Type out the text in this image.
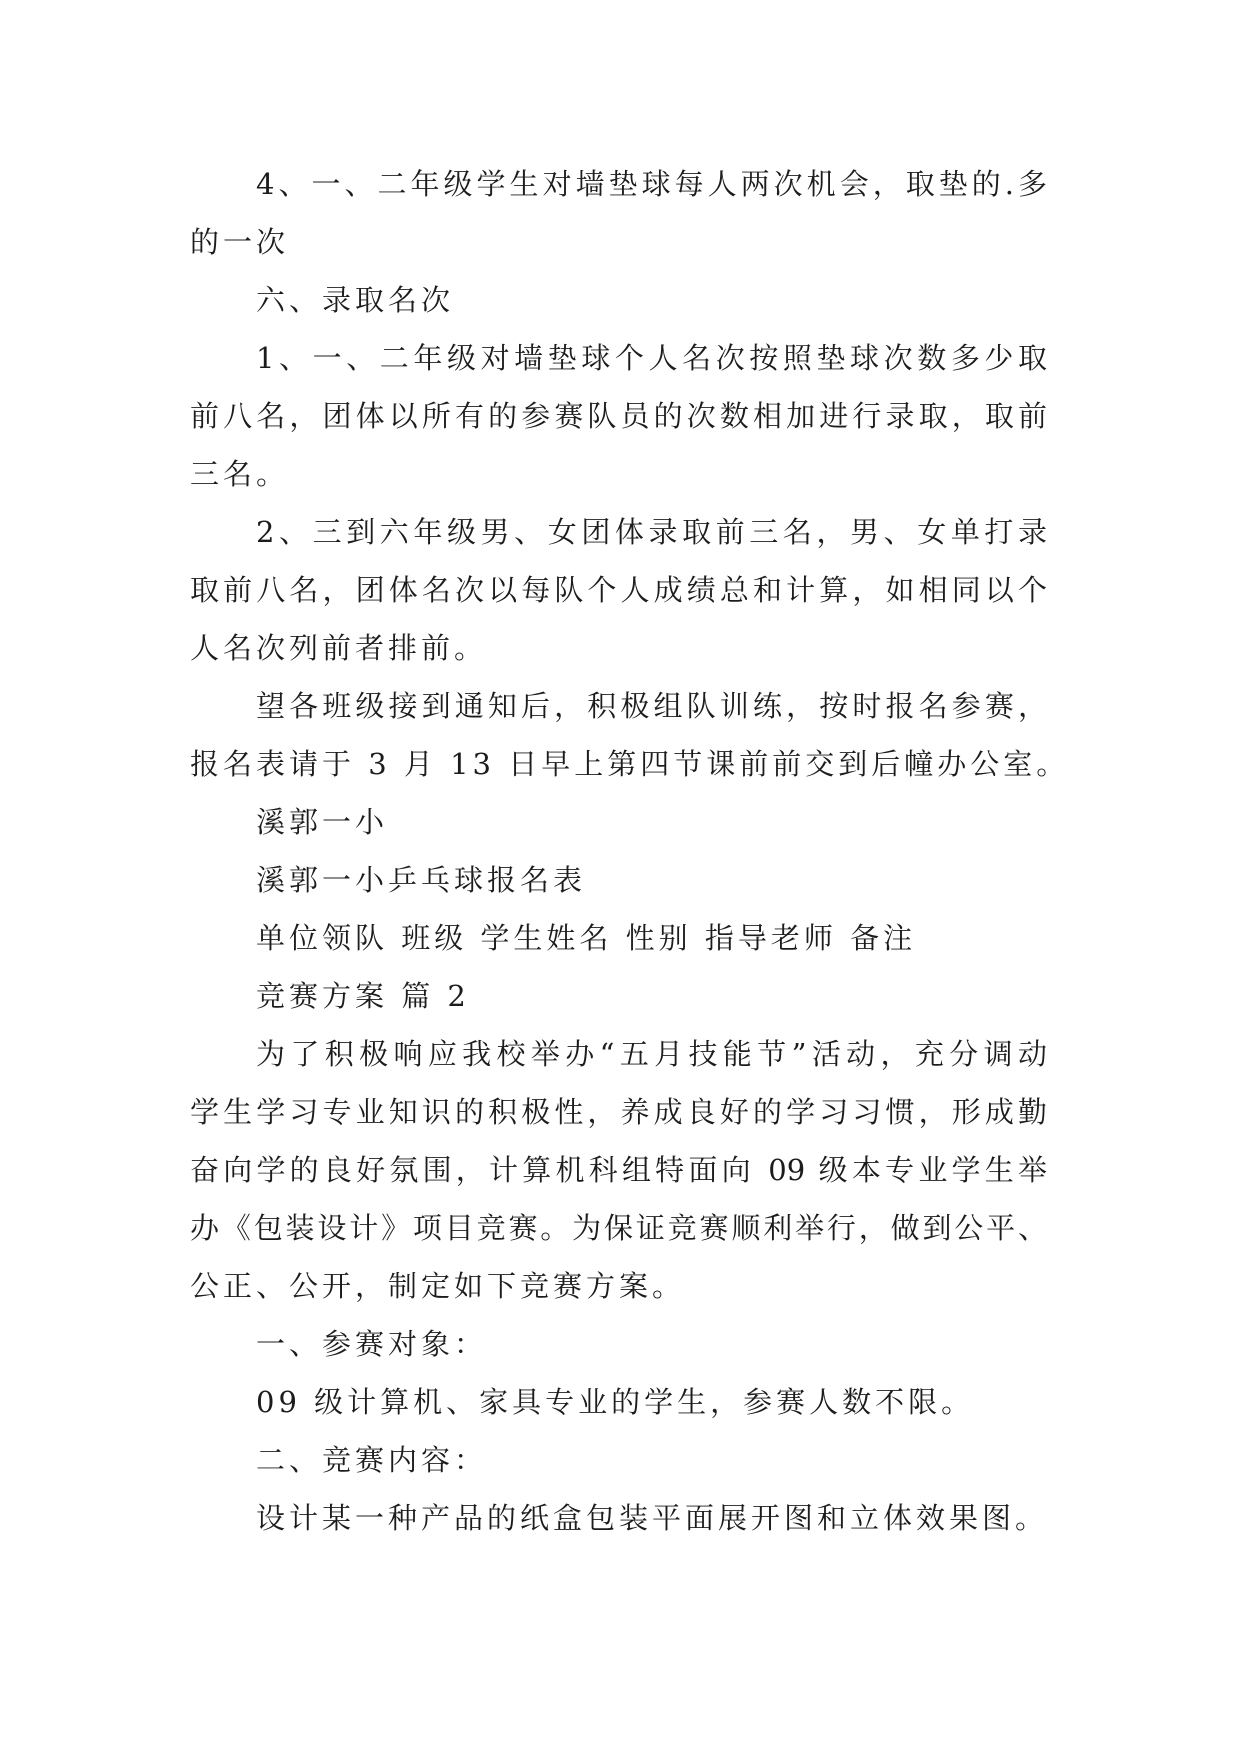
4、一、二年级学生对墙垫球每人两次机会，取垫的.多
的一次
六、录取名次
1、一、二年级对墙垫球个人名次按照垫球次数多少取
前八名，团体以所有的参赛队员的次数相加进行录取，取前
三名。
2、三到六年级男、女团体录取前三名，男、女单打录
取前八名，团体名次以每队个人成绩总和计算，如相同以个
人名次列前者排前。
望各班级接到通知后，积极组队训练，按时报名参赛，
报名表请于 3 月 13 日早上第四节课前前交到后幢办公室。
溪郭一小
溪郭一小乒乓球报名表
单位领队 班级 学生姓名 性别 指导老师 备注
竞赛方案 篇 2
为了积极响应我校举办“五月技能节”活动，充分调动
学生学习专业知识的积极性，养成良好的学习习惯，形成勤
奋向学的良好氛围，计算机科组特面向 09 级本专业学生举
办《包装设计》项目竞赛。为保证竞赛顺利举行，做到公平、
公正、公开，制定如下竞赛方案。
一、参赛对象：
09 级计算机、家具专业的学生，参赛人数不限。
二、竞赛内容：
设计某一种产品的纸盒包装平面展开图和立体效果图。
